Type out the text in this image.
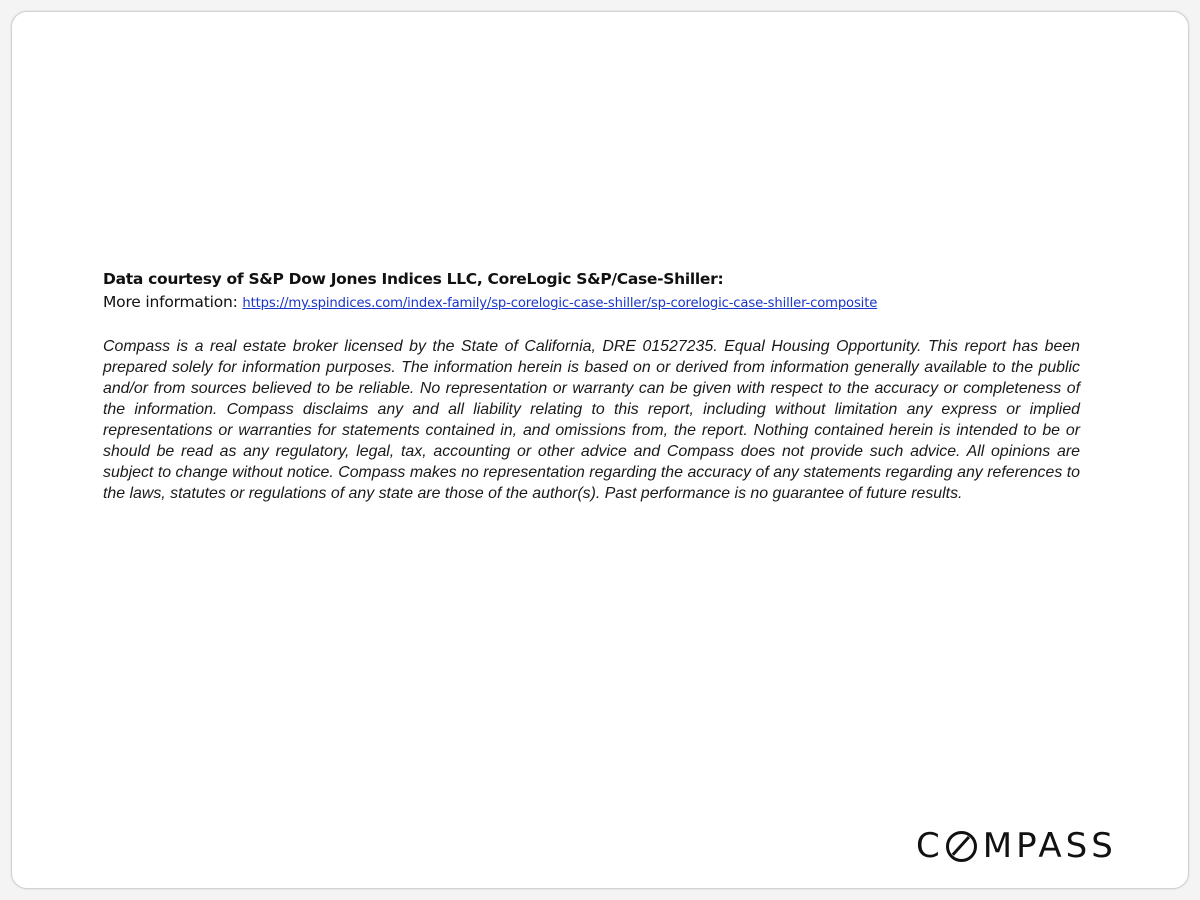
Data courtesy of S&P Dow Jones Indices LLC, CoreLogic S&P/Case-Shiller:
More information: https://my.spindices.com/index-family/sp-corelogic-case-shiller/sp-corelogic-case-shiller-composite
Compass is a real estate broker licensed by the State of California, DRE 01527235. Equal Housing Opportunity. This report has been prepared solely for information purposes. The information herein is based on or derived from information generally available to the public and/or from sources believed to be reliable. No representation or warranty can be given with respect to the accuracy or completeness of the information. Compass disclaims any and all liability relating to this report, including without limitation any express or implied representations or warranties for statements contained in, and omissions from, the report. Nothing contained herein is intended to be or should be read as any regulatory, legal, tax, accounting or other advice and Compass does not provide such advice. All opinions are subject to change without notice. Compass makes no representation regarding the accuracy of any statements regarding any references to the laws, statutes or regulations of any state are those of the author(s). Past performance is no guarantee of future results.
C MPASS
